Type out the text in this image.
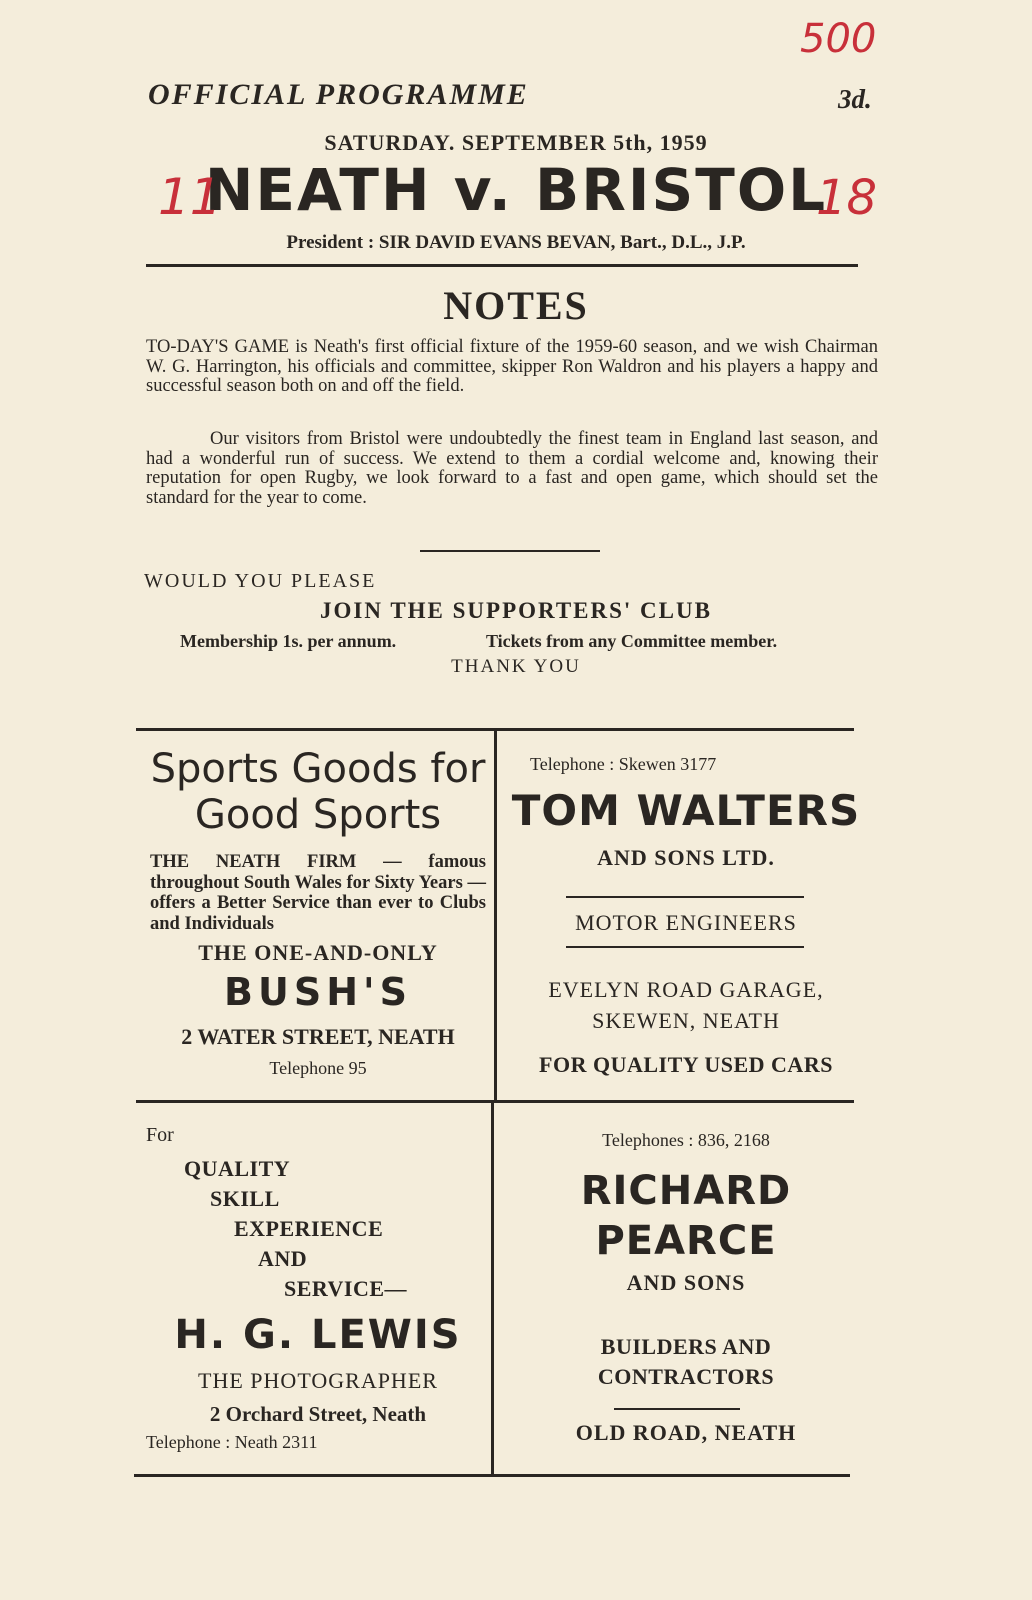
OFFICIAL PROGRAMME	3d.
500
SATURDAY. SEPTEMBER 5th, 1959
NEATH v. BRISTOL
11	18
President : SIR DAVID EVANS BEVAN, Bart., D.L., J.P.
NOTES
TO-DAY'S GAME is Neath's first official fixture of the 1959-60 season, and we wish Chairman W. G. Harrington, his officials and committee, skipper Ron Waldron and his players a happy and successful season both on and off the field.
Our visitors from Bristol were undoubtedly the finest team in England last season, and had a wonderful run of success. We extend to them a cordial welcome and, knowing their reputation for open Rugby, we look forward to a fast and open game, which should set the standard for the year to come.
WOULD YOU PLEASE
JOIN THE SUPPORTERS' CLUB
Membership 1s. per annum.	Tickets from any Committee member.
THANK YOU
Sports Goods for
Good Sports
THE NEATH FIRM — famous throughout South Wales for Sixty Years — offers a Better Service than ever to Clubs and Individuals
THE ONE-AND-ONLY
BUSH'S
2 WATER STREET, NEATH
Telephone 95
Telephone : Skewen 3177
TOM WALTERS
AND SONS LTD.
MOTOR ENGINEERS
EVELYN ROAD GARAGE,
SKEWEN, NEATH
FOR QUALITY USED CARS
For
QUALITY
SKILL
EXPERIENCE
AND
SERVICE—
H. G. LEWIS
THE PHOTOGRAPHER
2 Orchard Street, Neath
Telephone : Neath 2311
Telephones : 836, 2168
RICHARD
PEARCE
AND SONS
BUILDERS AND
CONTRACTORS
OLD ROAD, NEATH
